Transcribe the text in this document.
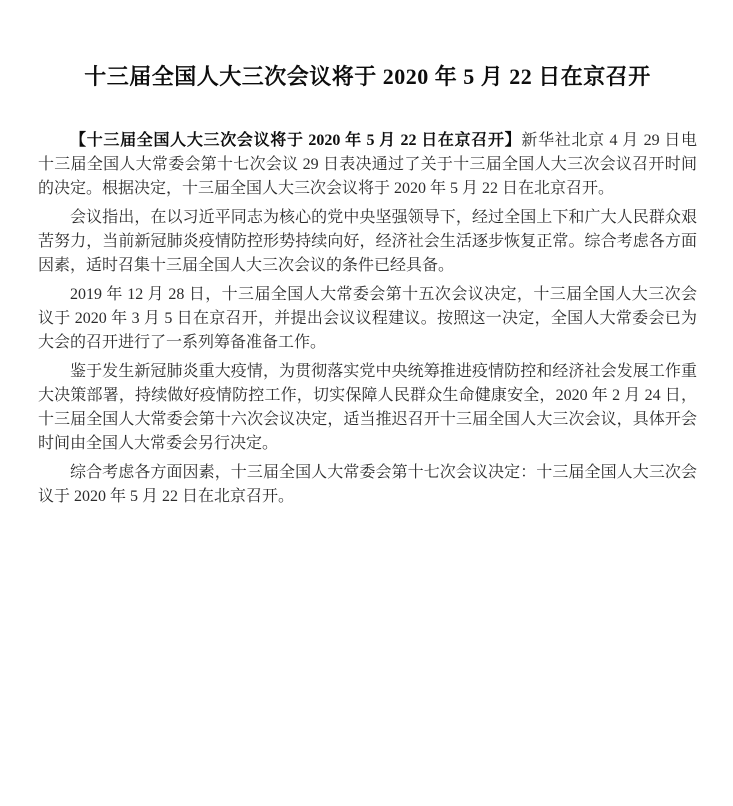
十三届全国人大三次会议将于 2020 年 5 月 22 日在京召开

【十三届全国人大三次会议将于 2020 年 5 月 22 日在京召开】新华社北京 4 月 29 日电　十三届全国人大常委会第十七次会议 29 日表决通过了关于十三届全国人大三次会议召开时间的决定。根据决定，十三届全国人大三次会议将于 2020 年 5 月 22 日在北京召开。

会议指出，在以习近平同志为核心的党中央坚强领导下，经过全国上下和广大人民群众艰苦努力，当前新冠肺炎疫情防控形势持续向好，经济社会生活逐步恢复正常。综合考虑各方面因素，适时召集十三届全国人大三次会议的条件已经具备。

2019 年 12 月 28 日，十三届全国人大常委会第十五次会议决定，十三届全国人大三次会议于 2020 年 3 月 5 日在京召开，并提出会议议程建议。按照这一决定，全国人大常委会已为大会的召开进行了一系列筹备准备工作。

鉴于发生新冠肺炎重大疫情，为贯彻落实党中央统筹推进疫情防控和经济社会发展工作重大决策部署，持续做好疫情防控工作，切实保障人民群众生命健康安全，2020 年 2 月 24 日，十三届全国人大常委会第十六次会议决定，适当推迟召开十三届全国人大三次会议，具体开会时间由全国人大常委会另行决定。

综合考虑各方面因素，十三届全国人大常委会第十七次会议决定：十三届全国人大三次会议于 2020 年 5 月 22 日在北京召开。
